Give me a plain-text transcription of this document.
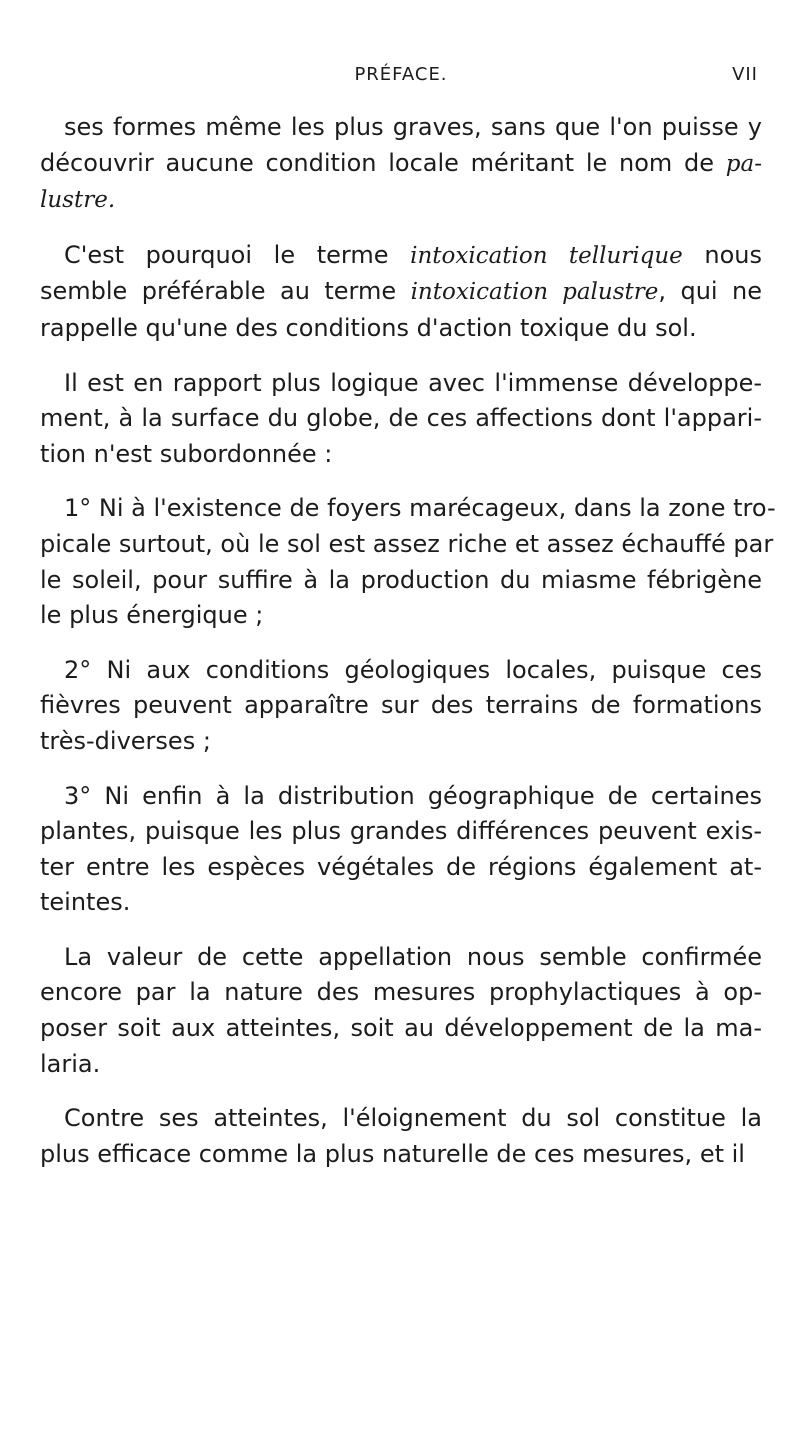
PRÉFACE.	VII

ses formes même les plus graves, sans que l'on puisse y
découvrir aucune condition locale méritant le nom de pa-
lustre.

C'est pourquoi le terme intoxication tellurique nous
semble préférable au terme intoxication palustre, qui ne
rappelle qu'une des conditions d'action toxique du sol.

Il est en rapport plus logique avec l'immense développe-
ment, à la surface du globe, de ces affections dont l'appari-
tion n'est subordonnée :

1° Ni à l'existence de foyers marécageux, dans la zone tro-
picale surtout, où le sol est assez riche et assez échauffé par
le soleil, pour suffire à la production du miasme fébrigène
le plus énergique ;

2° Ni aux conditions géologiques locales, puisque ces
fièvres peuvent apparaître sur des terrains de formations
très-diverses ;

3° Ni enfin à la distribution géographique de certaines
plantes, puisque les plus grandes différences peuvent exis-
ter entre les espèces végétales de régions également at-
teintes.

La valeur de cette appellation nous semble confirmée
encore par la nature des mesures prophylactiques à op-
poser soit aux atteintes, soit au développement de la ma-
laria.

Contre ses atteintes, l'éloignement du sol constitue la
plus efficace comme la plus naturelle de ces mesures, et il
